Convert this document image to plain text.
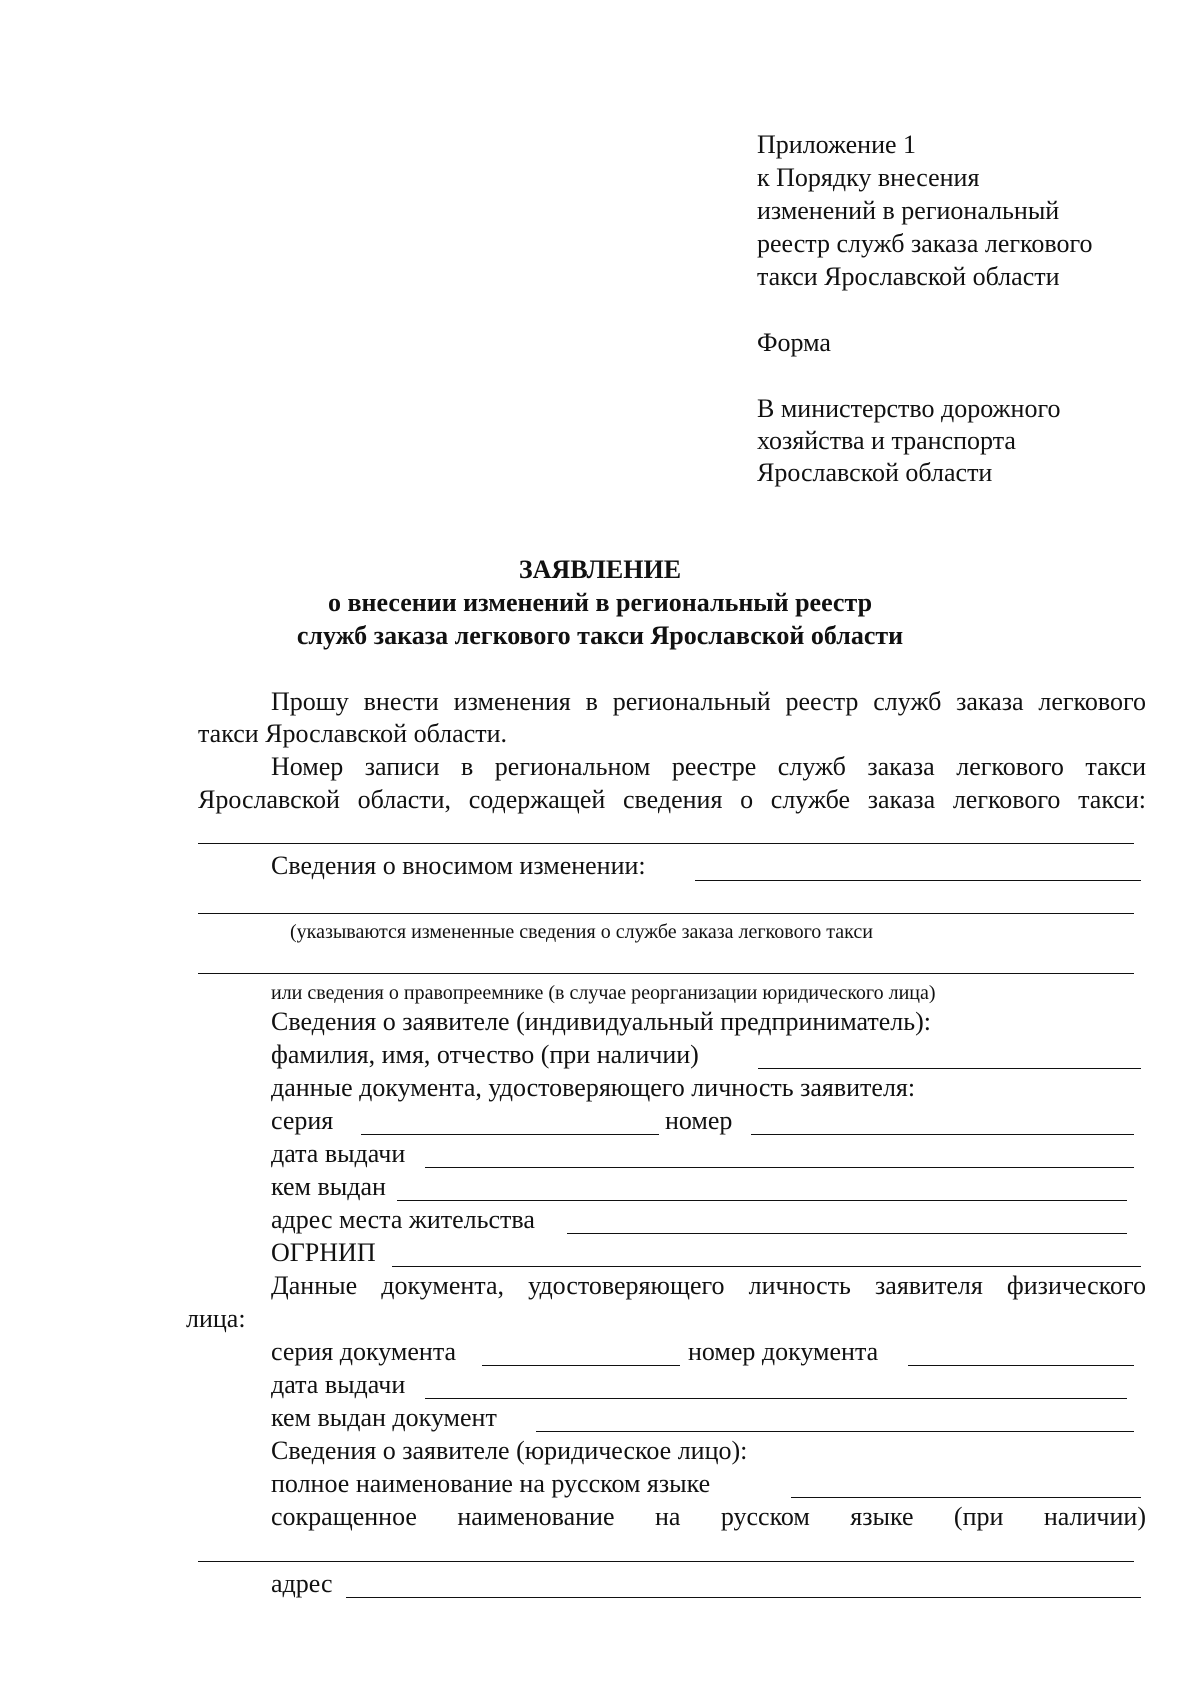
Приложение 1
к Порядку внесения
изменений в региональный
реестр служб заказа легкового
такси Ярославской области
Форма
В министерство дорожного
хозяйства и транспорта
Ярославской области
ЗАЯВЛЕНИЕ
о внесении изменений в региональный реестр
служб заказа легкового такси Ярославской области
Прошу внести изменения в региональный реестр служб заказа легкового
такси Ярославской области.
Номер записи в региональном реестре служб заказа легкового такси
Ярославской области, содержащей сведения о службе заказа легкового такси:
Сведения о вносимом изменении:
(указываются измененные сведения о службе заказа легкового такси
или сведения о правопреемнике (в случае реорганизации юридического лица)
Сведения о заявителе (индивидуальный предприниматель):
фамилия, имя, отчество (при наличии)
данные документа, удостоверяющего личность заявителя:
серия	номер
дата выдачи
кем выдан
адрес места жительства
ОГРНИП
Данные документа, удостоверяющего личность заявителя физического
лица:
серия документа	номер документа
дата выдачи
кем выдан документ
Сведения о заявителе (юридическое лицо):
полное наименование на русском языке
сокращенное наименование на русском языке (при наличии)
адрес
